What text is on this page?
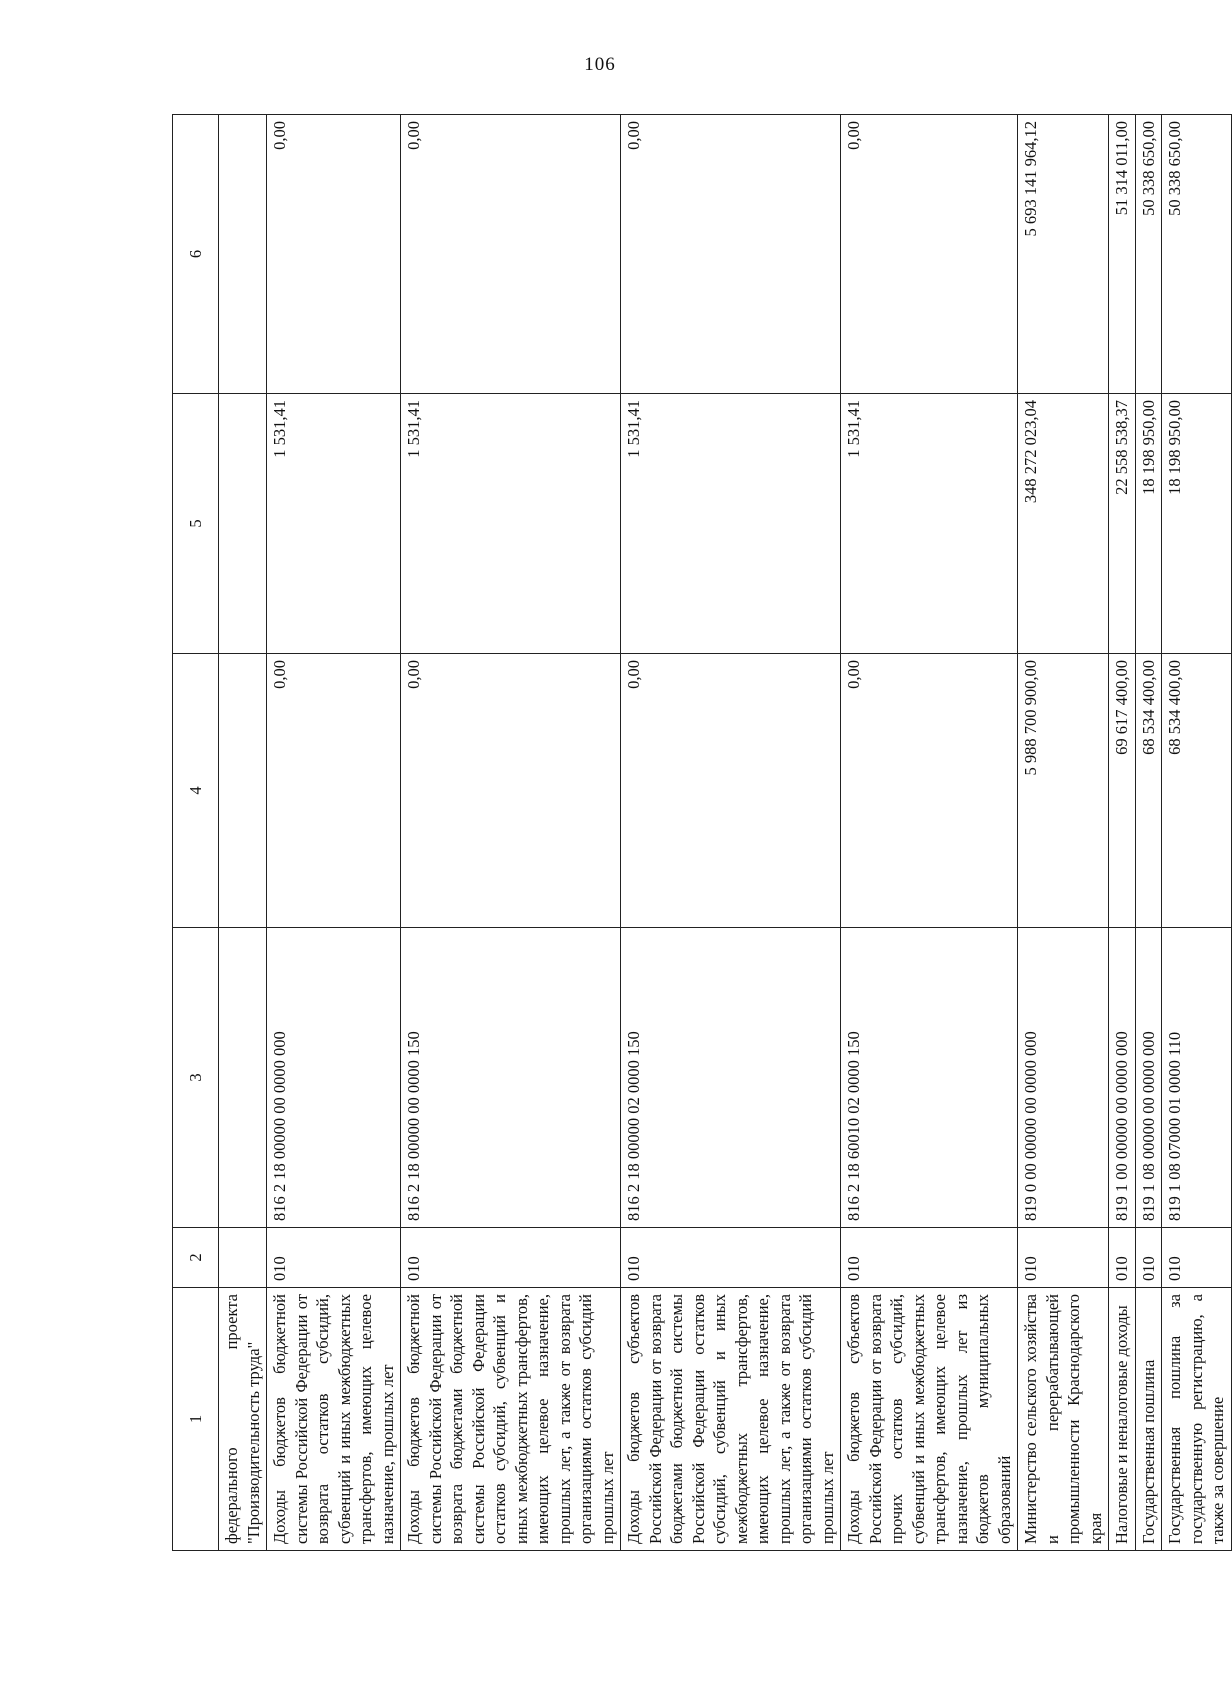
106
1	2	3	4	5	6
федерального проекта "Производительность труда"					
Доходы бюджетов бюджетной системы Российской Федерации от возврата остатков субсидий, субвенций и иных межбюджетных трансфертов, имеющих целевое назначение, прошлых лет	010	816 2 18 00000 00 0000 000	0,00	1 531,41	0,00
Доходы бюджетов бюджетной системы Российской Федерации от возврата бюджетами бюджетной системы Российской Федерации остатков субсидий, субвенций и иных межбюджетных трансфертов, имеющих целевое назначение, прошлых лет, а также от возврата организациями остатков субсидий прошлых лет	010	816 2 18 00000 00 0000 150	0,00	1 531,41	0,00
Доходы бюджетов субъектов Российской Федерации от возврата бюджетами бюджетной системы Российской Федерации остатков субсидий, субвенций и иных межбюджетных трансфертов, имеющих целевое назначение, прошлых лет, а также от возврата организациями остатков субсидий прошлых лет	010	816 2 18 00000 02 0000 150	0,00	1 531,41	0,00
Доходы бюджетов субъектов Российской Федерации от возврата прочих остатков субсидий, субвенций и иных межбюджетных трансфертов, имеющих целевое назначение, прошлых лет из бюджетов муниципальных образований	010	816 2 18 60010 02 0000 150	0,00	1 531,41	0,00
Министерство сельского хозяйства и перерабатывающей промышленности Краснодарского края	010	819 0 00 00000 00 0000 000	5 988 700 900,00	348 272 023,04	5 693 141 964,12
Налоговые и неналоговые доходы	010	819 1 00 00000 00 0000 000	69 617 400,00	22 558 538,37	51 314 011,00
Государственная пошлина	010	819 1 08 00000 00 0000 000	68 534 400,00	18 198 950,00	50 338 650,00
Государственная пошлина за государственную регистрацию, а также за совершение	010	819 1 08 07000 01 0000 110	68 534 400,00	18 198 950,00	50 338 650,00
